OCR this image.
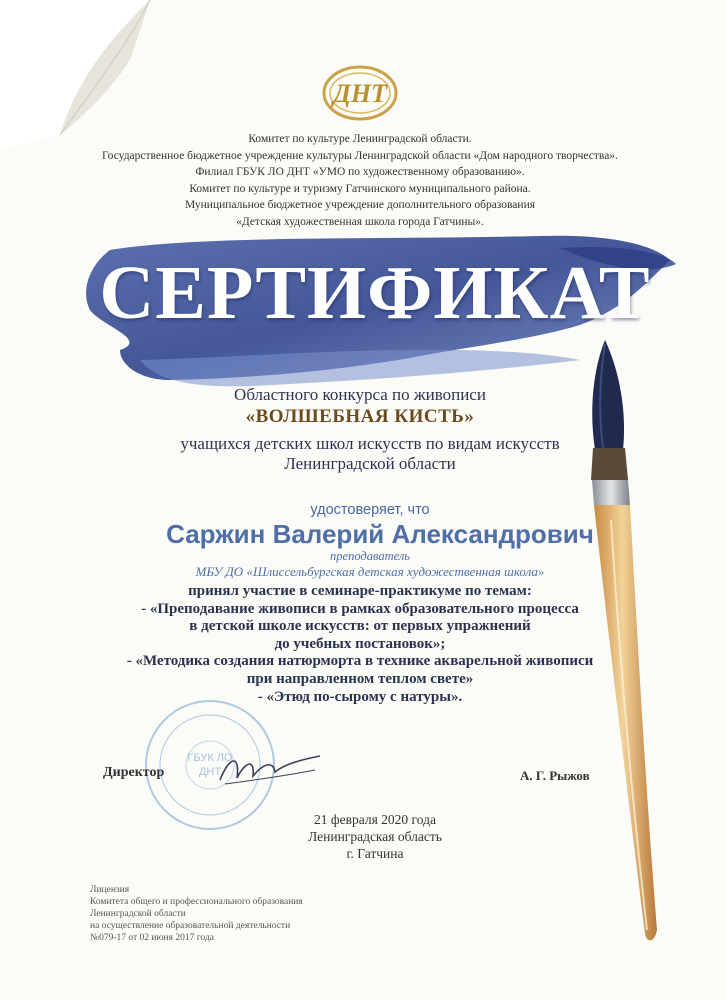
ДНТ
Комитет по культуре Ленинградской области.
Государственное бюджетное учреждение культуры Ленинградской области «Дом народного творчества».
Филиал ГБУК ЛО ДНТ «УМО по художественному образованию».
Комитет по культуре и туризму Гатчинского муниципального района.
Муниципальное бюджетное учреждение дополнительного образования
«Детская художественная школа города Гатчины».
СЕРТИФИКАТ
Областного конкурса по живописи
«ВОЛШЕБНАЯ КИСТЬ»
учащихся детских школ искусств по видам искусств
Ленинградской области
удостоверяет, что
Саржин Валерий Александрович
преподаватель
МБУ ДО «Шлиссельбургская детская художественная школа»
принял участие в семинаре-практикуме по темам:
- «Преподавание живописи в рамках образовательного процесса
в детской школе искусств: от первых упражнений
до учебных постановок»;
- «Методика создания натюрморта в технике акварельной живописи
при направленном теплом свете»
- «Этюд по-сырому с натуры».
ГБУК ЛО
ДНТ
Директор	А. Г. Рыжов
21 февраля 2020 года
Ленинградская область
г. Гатчина
Лицензия
Комитета общего и профессионального образования
Ленинградской области
на осуществление образовательной деятельности
№079-17 от 02 июня 2017 года
